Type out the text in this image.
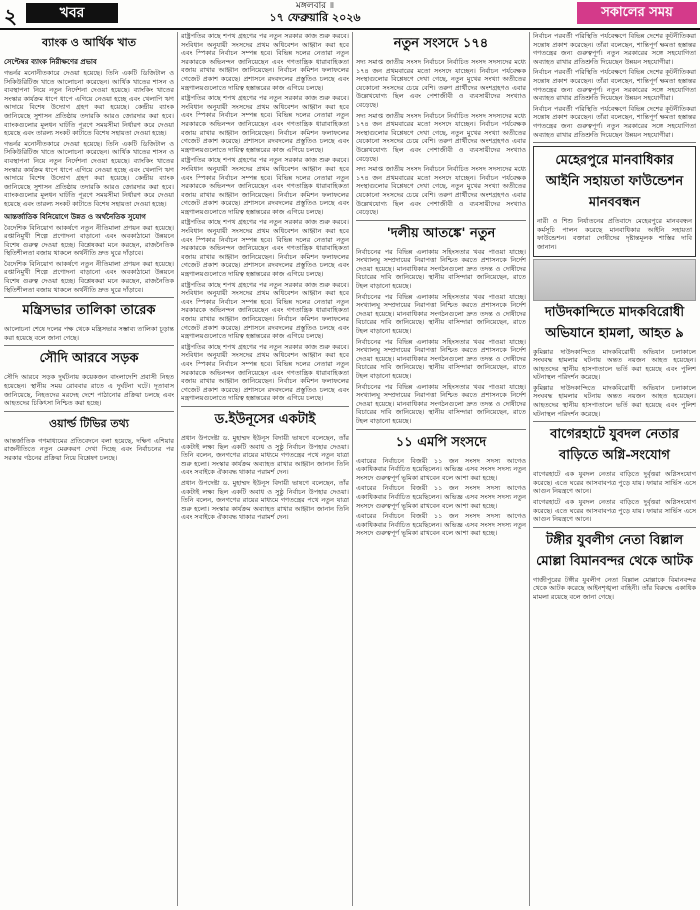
২	খবর	মঙ্গলবার ॥
১৭ ফেব্রুয়ারি ২০২৬	সকালের সময়
ব্যাংক ও আর্থিক খাত
সেপ্টেম্বর ব্যাংক নিরীক্ষণের প্রভাব

গভর্নর মনোনীতকারে দেওয়া হয়েছে। তিনি একটি ডিজিটাল ও সিকিউরিটিজ খাতে আলোচনা করেছেন। আর্থিক খাতের শাসন ও ব্যবস্থাপনা নিয়ে নতুন নির্দেশনা দেওয়া হয়েছে। ব্যাংকিং খাতের সংস্কার কার্যক্রম ধাপে ধাপে এগিয়ে নেওয়া হচ্ছে এবং খেলাপি ঋণ আদায়ে বিশেষ উদ্যোগ গ্রহণ করা হয়েছে। কেন্দ্রীয় ব্যাংক জানিয়েছে সুশাসন প্রতিষ্ঠায় তদারকি আরও জোরদার করা হবে। ব্যাংকগুলোর মূলধন ঘাটতি পূরণে সময়সীমা নির্ধারণ করে দেওয়া হয়েছে এবং তারল্য সংকট কাটাতে বিশেষ সহায়তা দেওয়া হচ্ছে।

গভর্নর মনোনীতকারে দেওয়া হয়েছে। তিনি একটি ডিজিটাল ও সিকিউরিটিজ খাতে আলোচনা করেছেন। আর্থিক খাতের শাসন ও ব্যবস্থাপনা নিয়ে নতুন নির্দেশনা দেওয়া হয়েছে। ব্যাংকিং খাতের সংস্কার কার্যক্রম ধাপে ধাপে এগিয়ে নেওয়া হচ্ছে এবং খেলাপি ঋণ আদায়ে বিশেষ উদ্যোগ গ্রহণ করা হয়েছে। কেন্দ্রীয় ব্যাংক জানিয়েছে সুশাসন প্রতিষ্ঠায় তদারকি আরও জোরদার করা হবে। ব্যাংকগুলোর মূলধন ঘাটতি পূরণে সময়সীমা নির্ধারণ করে দেওয়া হয়েছে এবং তারল্য সংকট কাটাতে বিশেষ সহায়তা দেওয়া হচ্ছে।

আন্তর্জাতিক বিনিয়োগে উন্নত ও অর্থনৈতিক সুযোগ

বৈদেশিক বিনিয়োগ আকর্ষণে নতুন নীতিমালা প্রণয়ন করা হয়েছে। রপ্তানিমুখী শিল্পে প্রণোদনা বাড়ানো এবং অবকাঠামো উন্নয়নে বিশেষ গুরুত্ব দেওয়া হচ্ছে। বিশ্লেষকরা মনে করছেন, রাজনৈতিক স্থিতিশীলতা বজায় থাকলে অর্থনীতি দ্রুত ঘুরে দাঁড়াবে।

বৈদেশিক বিনিয়োগ আকর্ষণে নতুন নীতিমালা প্রণয়ন করা হয়েছে। রপ্তানিমুখী শিল্পে প্রণোদনা বাড়ানো এবং অবকাঠামো উন্নয়নে বিশেষ গুরুত্ব দেওয়া হচ্ছে। বিশ্লেষকরা মনে করছেন, রাজনৈতিক স্থিতিশীলতা বজায় থাকলে অর্থনীতি দ্রুত ঘুরে দাঁড়াবে।

মন্ত্রিসভার তালিকা তারেক

আলোচনা শেষে দলের পক্ষ থেকে মন্ত্রিসভার সম্ভাব্য তালিকা চূড়ান্ত করা হয়েছে বলে জানা গেছে।

সৌদি আরবে সড়ক

সৌদি আরবে সড়ক দুর্ঘটনায় কয়েকজন বাংলাদেশি প্রবাসী নিহত হয়েছেন। স্থানীয় সময় রোববার রাতে এ দুর্ঘটনা ঘটে। দূতাবাস জানিয়েছে, নিহতদের মরদেহ দেশে পাঠানোর প্রক্রিয়া চলছে এবং আহতদের চিকিৎসা নিশ্চিত করা হচ্ছে।

ওয়ার্ল্ড টিভির তথ্য

আন্তর্জাতিক গণমাধ্যমের প্রতিবেদনে বলা হয়েছে, দক্ষিণ এশিয়ার রাজনীতিতে নতুন মেরুকরণ দেখা দিচ্ছে এবং নির্বাচনের পর সরকার গঠনের প্রক্রিয়া নিয়ে বিশ্লেষণ চলছে।

রাষ্ট্রপতির কাছে শপথ গ্রহণের পর নতুন সরকার কাজ শুরু করবে। সংবিধান অনুযায়ী সংসদের প্রথম অধিবেশন আহ্বান করা হবে এবং স্পিকার নির্বাচন সম্পন্ন হবে। বিভিন্ন দলের নেতারা নতুন সরকারকে অভিনন্দন জানিয়েছেন এবং গণতান্ত্রিক ধারাবাহিকতা বজায় রাখার আহ্বান জানিয়েছেন। নির্বাচন কমিশন ফলাফলের গেজেট প্রকাশ করেছে। প্রশাসনে রদবদলের প্রস্তুতিও চলছে এবং মন্ত্রণালয়গুলোতে দায়িত্ব হস্তান্তরের কাজ এগিয়ে চলছে।

রাষ্ট্রপতির কাছে শপথ গ্রহণের পর নতুন সরকার কাজ শুরু করবে। সংবিধান অনুযায়ী সংসদের প্রথম অধিবেশন আহ্বান করা হবে এবং স্পিকার নির্বাচন সম্পন্ন হবে। বিভিন্ন দলের নেতারা নতুন সরকারকে অভিনন্দন জানিয়েছেন এবং গণতান্ত্রিক ধারাবাহিকতা বজায় রাখার আহ্বান জানিয়েছেন। নির্বাচন কমিশন ফলাফলের গেজেট প্রকাশ করেছে। প্রশাসনে রদবদলের প্রস্তুতিও চলছে এবং মন্ত্রণালয়গুলোতে দায়িত্ব হস্তান্তরের কাজ এগিয়ে চলছে।

রাষ্ট্রপতির কাছে শপথ গ্রহণের পর নতুন সরকার কাজ শুরু করবে। সংবিধান অনুযায়ী সংসদের প্রথম অধিবেশন আহ্বান করা হবে এবং স্পিকার নির্বাচন সম্পন্ন হবে। বিভিন্ন দলের নেতারা নতুন সরকারকে অভিনন্দন জানিয়েছেন এবং গণতান্ত্রিক ধারাবাহিকতা বজায় রাখার আহ্বান জানিয়েছেন। নির্বাচন কমিশন ফলাফলের গেজেট প্রকাশ করেছে। প্রশাসনে রদবদলের প্রস্তুতিও চলছে এবং মন্ত্রণালয়গুলোতে দায়িত্ব হস্তান্তরের কাজ এগিয়ে চলছে।

রাষ্ট্রপতির কাছে শপথ গ্রহণের পর নতুন সরকার কাজ শুরু করবে। সংবিধান অনুযায়ী সংসদের প্রথম অধিবেশন আহ্বান করা হবে এবং স্পিকার নির্বাচন সম্পন্ন হবে। বিভিন্ন দলের নেতারা নতুন সরকারকে অভিনন্দন জানিয়েছেন এবং গণতান্ত্রিক ধারাবাহিকতা বজায় রাখার আহ্বান জানিয়েছেন। নির্বাচন কমিশন ফলাফলের গেজেট প্রকাশ করেছে। প্রশাসনে রদবদলের প্রস্তুতিও চলছে এবং মন্ত্রণালয়গুলোতে দায়িত্ব হস্তান্তরের কাজ এগিয়ে চলছে।

রাষ্ট্রপতির কাছে শপথ গ্রহণের পর নতুন সরকার কাজ শুরু করবে। সংবিধান অনুযায়ী সংসদের প্রথম অধিবেশন আহ্বান করা হবে এবং স্পিকার নির্বাচন সম্পন্ন হবে। বিভিন্ন দলের নেতারা নতুন সরকারকে অভিনন্দন জানিয়েছেন এবং গণতান্ত্রিক ধারাবাহিকতা বজায় রাখার আহ্বান জানিয়েছেন। নির্বাচন কমিশন ফলাফলের গেজেট প্রকাশ করেছে। প্রশাসনে রদবদলের প্রস্তুতিও চলছে এবং মন্ত্রণালয়গুলোতে দায়িত্ব হস্তান্তরের কাজ এগিয়ে চলছে।

রাষ্ট্রপতির কাছে শপথ গ্রহণের পর নতুন সরকার কাজ শুরু করবে। সংবিধান অনুযায়ী সংসদের প্রথম অধিবেশন আহ্বান করা হবে এবং স্পিকার নির্বাচন সম্পন্ন হবে। বিভিন্ন দলের নেতারা নতুন সরকারকে অভিনন্দন জানিয়েছেন এবং গণতান্ত্রিক ধারাবাহিকতা বজায় রাখার আহ্বান জানিয়েছেন। নির্বাচন কমিশন ফলাফলের গেজেট প্রকাশ করেছে। প্রশাসনে রদবদলের প্রস্তুতিও চলছে এবং মন্ত্রণালয়গুলোতে দায়িত্ব হস্তান্তরের কাজ এগিয়ে চলছে।

ড.ইউনূসের একটাই

প্রধান উপদেষ্টা ড. মুহাম্মদ ইউনূস বিদায়ী ভাষণে বলেছেন, তাঁর একটাই লক্ষ্য ছিল একটি অবাধ ও সুষ্ঠু নির্বাচন উপহার দেওয়া। তিনি বলেন, জনগণের রায়ের মাধ্যমে গণতন্ত্রের পথে নতুন যাত্রা শুরু হলো। সংস্কার কার্যক্রম অব্যাহত রাখার আহ্বান জানান তিনি এবং সবাইকে ঐক্যবদ্ধ থাকার পরামর্শ দেন।

প্রধান উপদেষ্টা ড. মুহাম্মদ ইউনূস বিদায়ী ভাষণে বলেছেন, তাঁর একটাই লক্ষ্য ছিল একটি অবাধ ও সুষ্ঠু নির্বাচন উপহার দেওয়া। তিনি বলেন, জনগণের রায়ের মাধ্যমে গণতন্ত্রের পথে নতুন যাত্রা শুরু হলো। সংস্কার কার্যক্রম অব্যাহত রাখার আহ্বান জানান তিনি এবং সবাইকে ঐক্যবদ্ধ থাকার পরামর্শ দেন।

নতুন সংসদে ১৭৪

সদ্য সমাপ্ত জাতীয় সংসদ নির্বাচনে নির্বাচিত সংসদ সদস্যদের মধ্যে ১৭৪ জন প্রথমবারের মতো সংসদে যাচ্ছেন। নির্বাচন পর্যবেক্ষক সংস্থাগুলোর বিশ্লেষণে দেখা গেছে, নতুন মুখের সংখ্যা অতীতের যেকোনো সংসদের চেয়ে বেশি। তরুণ প্রার্থীদের অংশগ্রহণও এবার উল্লেখযোগ্য ছিল এবং পেশাজীবী ও ব্যবসায়ীদের সংখ্যাও বেড়েছে।

সদ্য সমাপ্ত জাতীয় সংসদ নির্বাচনে নির্বাচিত সংসদ সদস্যদের মধ্যে ১৭৪ জন প্রথমবারের মতো সংসদে যাচ্ছেন। নির্বাচন পর্যবেক্ষক সংস্থাগুলোর বিশ্লেষণে দেখা গেছে, নতুন মুখের সংখ্যা অতীতের যেকোনো সংসদের চেয়ে বেশি। তরুণ প্রার্থীদের অংশগ্রহণও এবার উল্লেখযোগ্য ছিল এবং পেশাজীবী ও ব্যবসায়ীদের সংখ্যাও বেড়েছে।

সদ্য সমাপ্ত জাতীয় সংসদ নির্বাচনে নির্বাচিত সংসদ সদস্যদের মধ্যে ১৭৪ জন প্রথমবারের মতো সংসদে যাচ্ছেন। নির্বাচন পর্যবেক্ষক সংস্থাগুলোর বিশ্লেষণে দেখা গেছে, নতুন মুখের সংখ্যা অতীতের যেকোনো সংসদের চেয়ে বেশি। তরুণ প্রার্থীদের অংশগ্রহণও এবার উল্লেখযোগ্য ছিল এবং পেশাজীবী ও ব্যবসায়ীদের সংখ্যাও বেড়েছে।

'দলীয় আতঙ্কে' নতুন

নির্বাচনের পর বিভিন্ন এলাকায় সহিংসতার খবর পাওয়া যাচ্ছে। সংখ্যালঘু সম্প্রদায়ের নিরাপত্তা নিশ্চিত করতে প্রশাসনকে নির্দেশ দেওয়া হয়েছে। মানবাধিকার সংগঠনগুলো দ্রুত তদন্ত ও দোষীদের বিচারের দাবি জানিয়েছে। স্থানীয় বাসিন্দারা জানিয়েছেন, রাতে টহল বাড়ানো হয়েছে।

নির্বাচনের পর বিভিন্ন এলাকায় সহিংসতার খবর পাওয়া যাচ্ছে। সংখ্যালঘু সম্প্রদায়ের নিরাপত্তা নিশ্চিত করতে প্রশাসনকে নির্দেশ দেওয়া হয়েছে। মানবাধিকার সংগঠনগুলো দ্রুত তদন্ত ও দোষীদের বিচারের দাবি জানিয়েছে। স্থানীয় বাসিন্দারা জানিয়েছেন, রাতে টহল বাড়ানো হয়েছে।

নির্বাচনের পর বিভিন্ন এলাকায় সহিংসতার খবর পাওয়া যাচ্ছে। সংখ্যালঘু সম্প্রদায়ের নিরাপত্তা নিশ্চিত করতে প্রশাসনকে নির্দেশ দেওয়া হয়েছে। মানবাধিকার সংগঠনগুলো দ্রুত তদন্ত ও দোষীদের বিচারের দাবি জানিয়েছে। স্থানীয় বাসিন্দারা জানিয়েছেন, রাতে টহল বাড়ানো হয়েছে।

নির্বাচনের পর বিভিন্ন এলাকায় সহিংসতার খবর পাওয়া যাচ্ছে। সংখ্যালঘু সম্প্রদায়ের নিরাপত্তা নিশ্চিত করতে প্রশাসনকে নির্দেশ দেওয়া হয়েছে। মানবাধিকার সংগঠনগুলো দ্রুত তদন্ত ও দোষীদের বিচারের দাবি জানিয়েছে। স্থানীয় বাসিন্দারা জানিয়েছেন, রাতে টহল বাড়ানো হয়েছে।

১১ এমপি সংসদে

এবারের নির্বাচনে বিজয়ী ১১ জন সংসদ সদস্য আগেও একাধিকবার নির্বাচিত হয়েছিলেন। অভিজ্ঞ এসব সংসদ সদস্য নতুন সংসদে গুরুত্বপূর্ণ ভূমিকা রাখবেন বলে আশা করা হচ্ছে।

এবারের নির্বাচনে বিজয়ী ১১ জন সংসদ সদস্য আগেও একাধিকবার নির্বাচিত হয়েছিলেন। অভিজ্ঞ এসব সংসদ সদস্য নতুন সংসদে গুরুত্বপূর্ণ ভূমিকা রাখবেন বলে আশা করা হচ্ছে।

এবারের নির্বাচনে বিজয়ী ১১ জন সংসদ সদস্য আগেও একাধিকবার নির্বাচিত হয়েছিলেন। অভিজ্ঞ এসব সংসদ সদস্য নতুন সংসদে গুরুত্বপূর্ণ ভূমিকা রাখবেন বলে আশা করা হচ্ছে।

নির্বাচন পরবর্তী পরিস্থিতি পর্যবেক্ষণে বিভিন্ন দেশের কূটনীতিকরা সন্তোষ প্রকাশ করেছেন। তাঁরা বলেছেন, শান্তিপূর্ণ ক্ষমতা হস্তান্তর গণতন্ত্রের জন্য গুরুত্বপূর্ণ। নতুন সরকারের সঙ্গে সহযোগিতা অব্যাহত রাখার প্রতিশ্রুতি দিয়েছেন উন্নয়ন সহযোগীরা।

নির্বাচন পরবর্তী পরিস্থিতি পর্যবেক্ষণে বিভিন্ন দেশের কূটনীতিকরা সন্তোষ প্রকাশ করেছেন। তাঁরা বলেছেন, শান্তিপূর্ণ ক্ষমতা হস্তান্তর গণতন্ত্রের জন্য গুরুত্বপূর্ণ। নতুন সরকারের সঙ্গে সহযোগিতা অব্যাহত রাখার প্রতিশ্রুতি দিয়েছেন উন্নয়ন সহযোগীরা।

নির্বাচন পরবর্তী পরিস্থিতি পর্যবেক্ষণে বিভিন্ন দেশের কূটনীতিকরা সন্তোষ প্রকাশ করেছেন। তাঁরা বলেছেন, শান্তিপূর্ণ ক্ষমতা হস্তান্তর গণতন্ত্রের জন্য গুরুত্বপূর্ণ। নতুন সরকারের সঙ্গে সহযোগিতা অব্যাহত রাখার প্রতিশ্রুতি দিয়েছেন উন্নয়ন সহযোগীরা।

মেহেরপুরে মানবাধিকার আইনি সহায়তা ফাউন্ডেশন মানববন্ধন

নারী ও শিশু নির্যাতনের প্রতিবাদে মেহেরপুরে মানববন্ধন কর্মসূচি পালন করেছে মানবাধিকার আইনি সহায়তা ফাউন্ডেশন। বক্তারা দোষীদের দৃষ্টান্তমূলক শাস্তির দাবি জানান।

দাউদকান্দিতে মাদকবিরোধী অভিযানে হামলা, আহত ৯

কুমিল্লার দাউদকান্দিতে মাদকবিরোধী অভিযান চলাকালে সংঘবদ্ধ হামলার ঘটনায় অন্তত নয়জন আহত হয়েছেন। আহতদের স্থানীয় হাসপাতালে ভর্তি করা হয়েছে এবং পুলিশ ঘটনাস্থল পরিদর্শন করেছে।

কুমিল্লার দাউদকান্দিতে মাদকবিরোধী অভিযান চলাকালে সংঘবদ্ধ হামলার ঘটনায় অন্তত নয়জন আহত হয়েছেন। আহতদের স্থানীয় হাসপাতালে ভর্তি করা হয়েছে এবং পুলিশ ঘটনাস্থল পরিদর্শন করেছে।

বাগেরহাটে যুবদল নেতার বাড়িতে অগ্নি-সংযোগ

বাগেরহাটে এক যুবদল নেতার বাড়িতে দুর্বৃত্তরা অগ্নিসংযোগ করেছে। এতে ঘরের আসবাবপত্র পুড়ে যায়। ফায়ার সার্ভিস এসে আগুন নিয়ন্ত্রণে আনে।

বাগেরহাটে এক যুবদল নেতার বাড়িতে দুর্বৃত্তরা অগ্নিসংযোগ করেছে। এতে ঘরের আসবাবপত্র পুড়ে যায়। ফায়ার সার্ভিস এসে আগুন নিয়ন্ত্রণে আনে।

টঙ্গীর যুবলীগ নেতা বিল্লাল মোল্লা বিমানবন্দর থেকে আটক

গাজীপুরের টঙ্গীর যুবলীগ নেতা বিল্লাল মোল্লাকে বিমানবন্দর থেকে আটক করেছে আইনশৃঙ্খলা বাহিনী। তাঁর বিরুদ্ধে একাধিক মামলা রয়েছে বলে জানা গেছে।
